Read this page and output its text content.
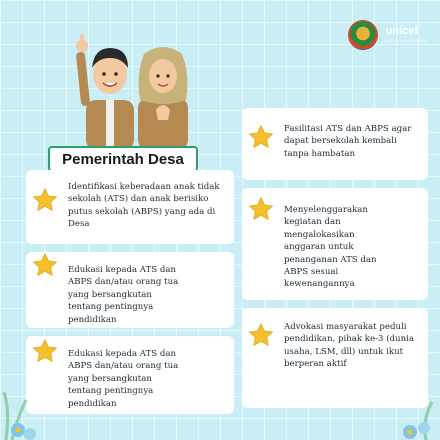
unicef
untuk setiap anak
Pemerintah Desa
Identifikasi keberadaan anak tidak sekolah (ATS) dan anak berisiko putus sekolah (ABPS) yang ada di Desa
Edukasi kepada ATS dan ABPS dan/atau orang tua yang bersangkutan tentang pentingnya pendidikan
Edukasi kepada ATS dan ABPS dan/atau orang tua yang bersangkutan tentang pentingnya pendidikan
Fasilitasi ATS dan ABPS agar dapat bersekolah kembali tanpa hambatan
Menyelenggarakan kegiatan dan mengalokasikan anggaran untuk penanganan ATS dan ABPS sesuai kewenangannya
Advokasi masyarakat peduli pendidikan, pihak ke-3 (dunia usaha, LSM, dll) untuk ikut berperan aktif
